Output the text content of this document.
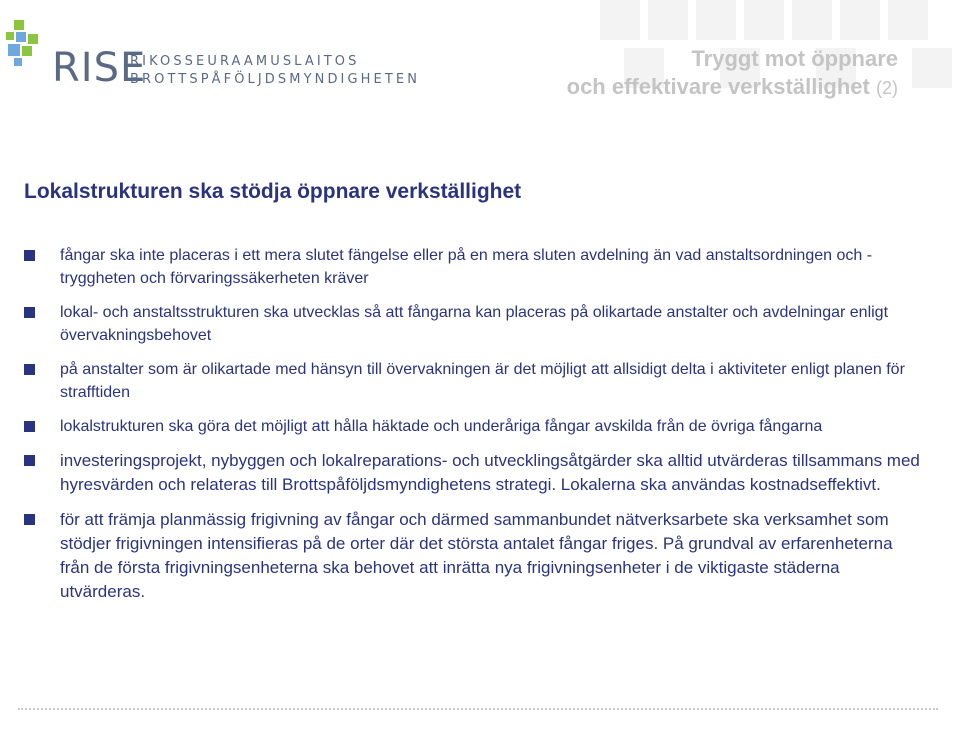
RISE
RIKOSSEURAAMUSLAITOS
BROTTSPÅFÖLJDSMYNDIGHETEN
Tryggt mot öppnare
och effektivare verkställighet (2)
Lokalstrukturen ska stödja öppnare verkställighet
fångar ska inte placeras i ett mera slutet fängelse eller på en mera sluten avdelning än vad anstaltsordningen och -tryggheten och förvaringssäkerheten kräver
lokal- och anstaltsstrukturen ska utvecklas så att fångarna kan placeras på olikartade anstalter och avdelningar enligt övervakningsbehovet
på anstalter som är olikartade med hänsyn till övervakningen är det möjligt att allsidigt delta i aktiviteter enligt planen för strafftiden
lokalstrukturen ska göra det möjligt att hålla häktade och underåriga fångar avskilda från de övriga fångarna
investeringsprojekt, nybyggen och lokalreparations- och utvecklingsåtgärder ska alltid utvärderas tillsammans med hyresvärden och relateras till Brottspåföljdsmyndighetens strategi. Lokalerna ska användas kostnadseffektivt.
för att främja planmässig frigivning av fångar och därmed sammanbundet nätverksarbete ska verksamhet som stödjer frigivningen intensifieras på de orter där det största antalet fångar friges. På grundval av erfarenheterna från de första frigivningsenheterna ska behovet att inrätta nya frigivningsenheter i de viktigaste städerna utvärderas.
